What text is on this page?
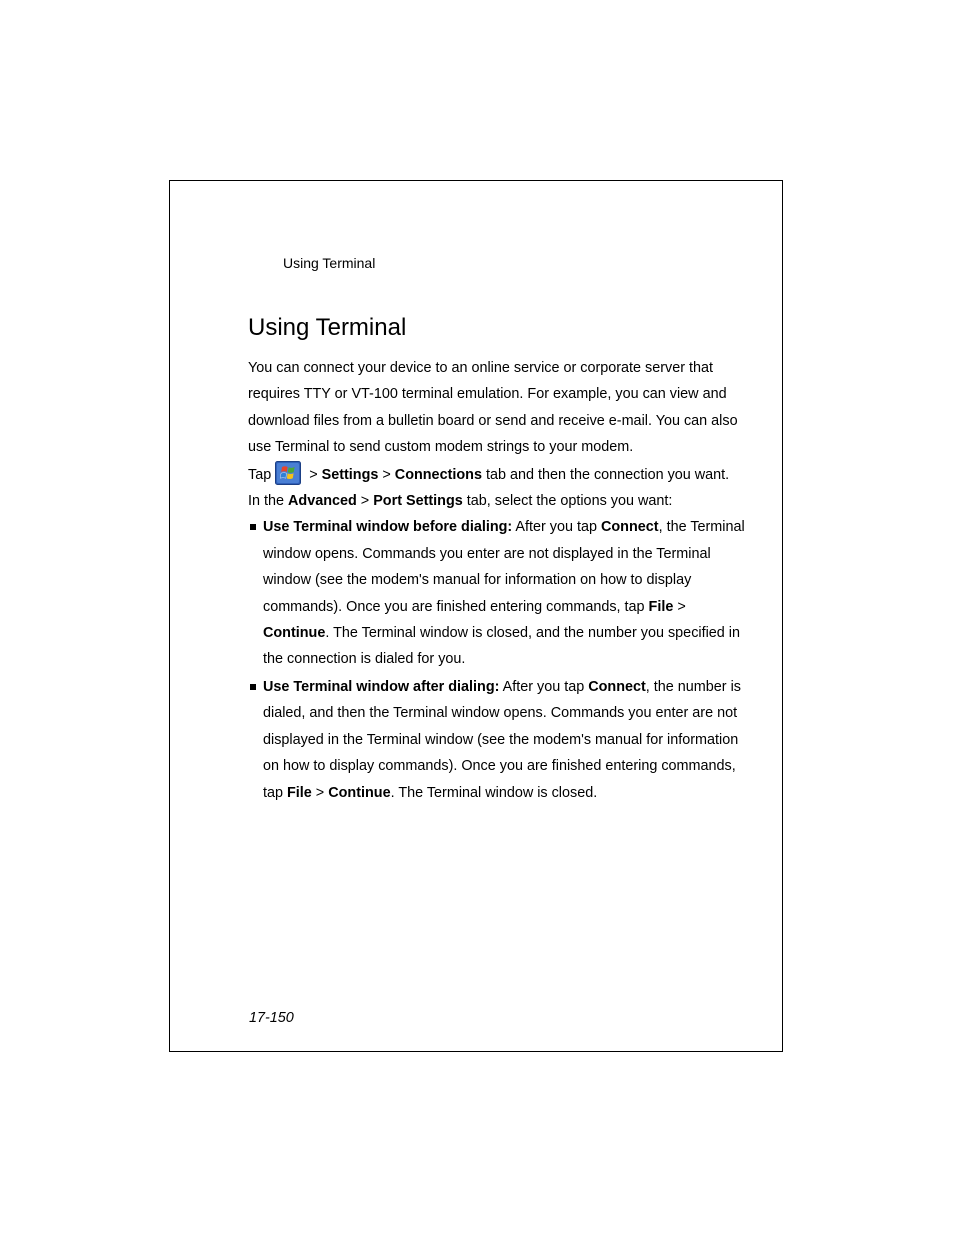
Using Terminal
Using Terminal

You can connect your device to an online service or corporate server that requires TTY or VT-100 terminal emulation. For example, you can view and download files from a bulletin board or send and receive e-mail. You can also use Terminal to send custom modem strings to your modem.

Tap > Settings > Connections tab and then the connection you want.

In the Advanced > Port Settings tab, select the options you want:

Use Terminal window before dialing: After you tap Connect, the Terminal window opens. Commands you enter are not displayed in the Terminal window (see the modem's manual for information on how to display commands). Once you are finished entering commands, tap File > Continue. The Terminal window is closed, and the number you specified in the connection is dialed for you.
Use Terminal window after dialing: After you tap Connect, the number is dialed, and then the Terminal window opens. Commands you enter are not displayed in the Terminal window (see the modem's manual for information on how to display commands). Once you are finished entering commands, tap File > Continue. The Terminal window is closed.
17-150
